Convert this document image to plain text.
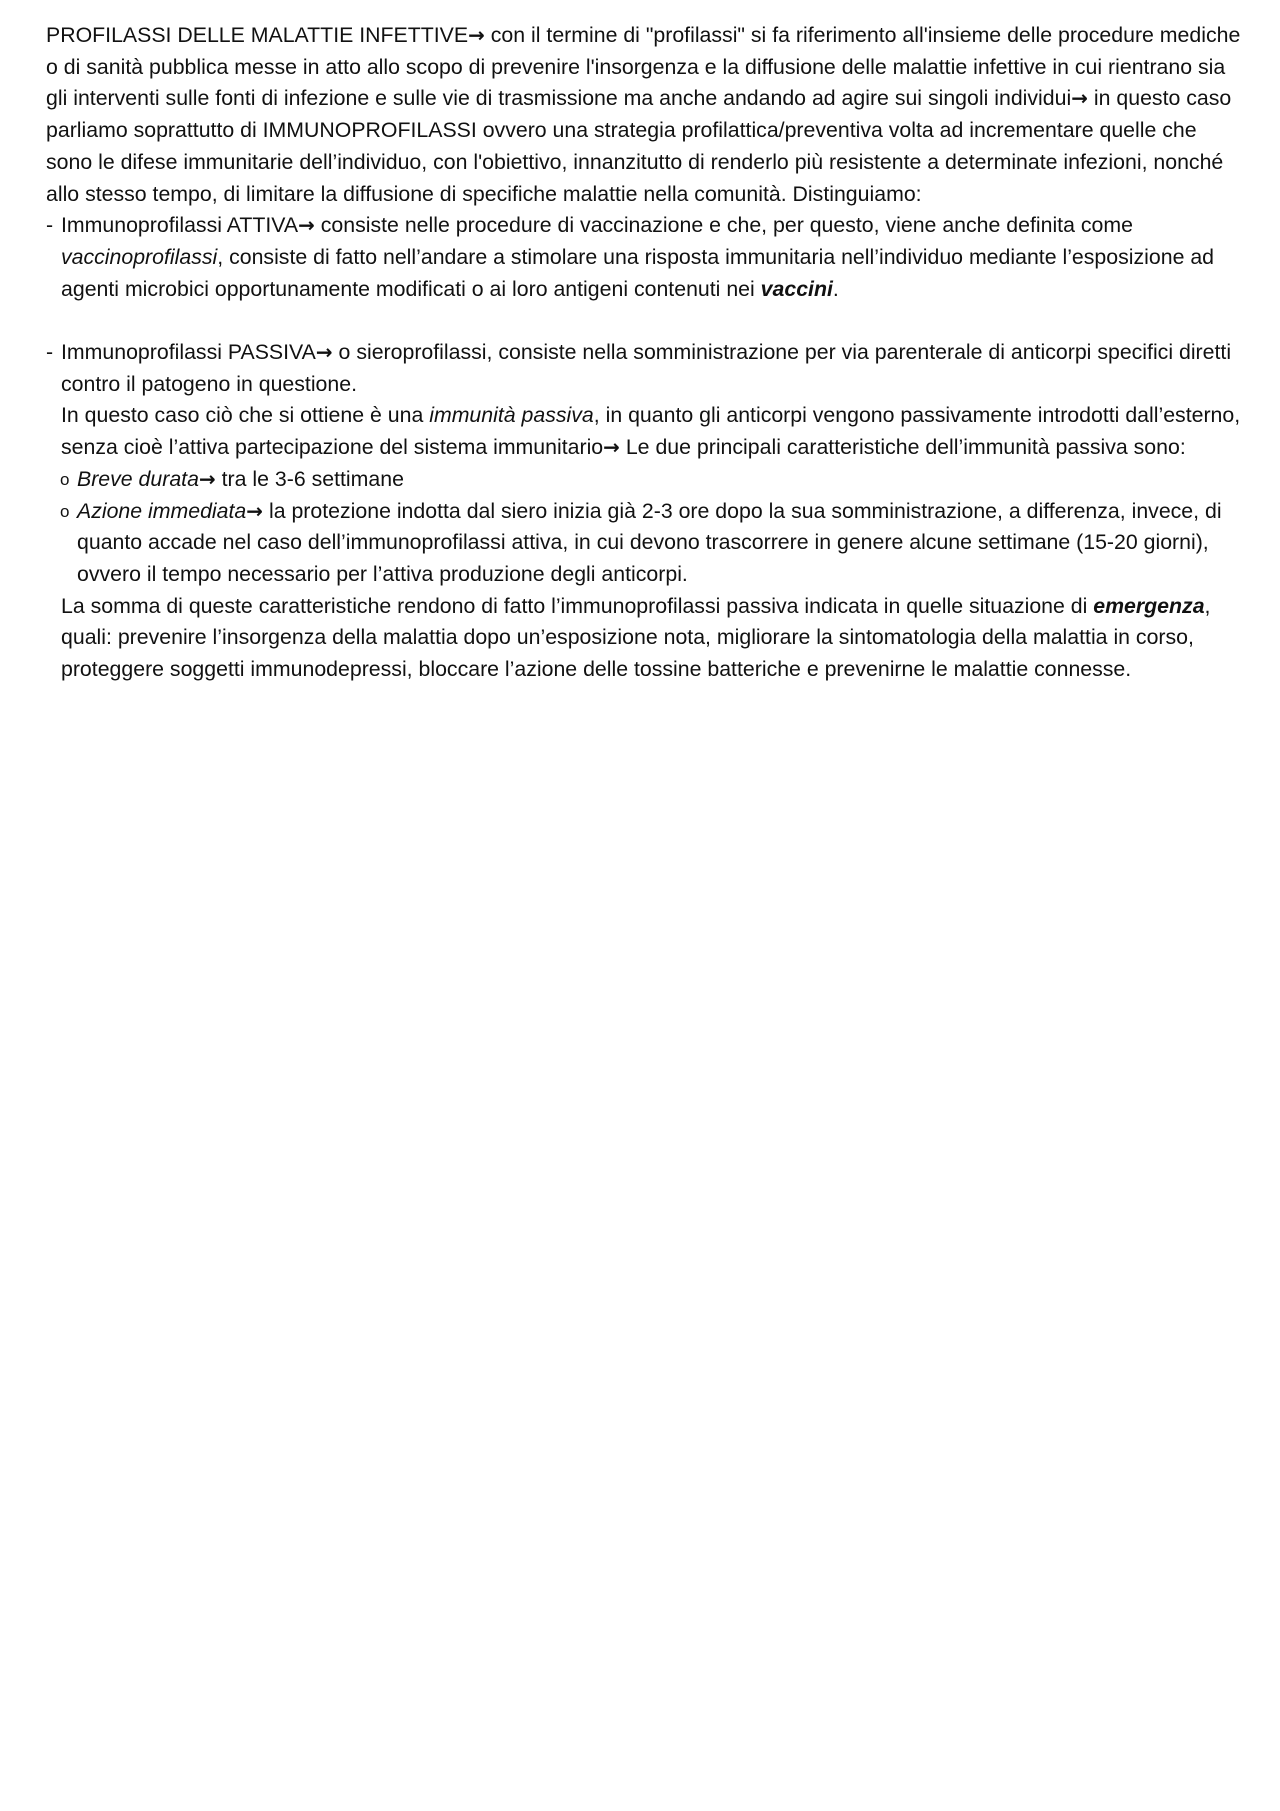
PROFILASSI DELLE MALATTIE INFETTIVE→ con il termine di "profilassi" si fa riferimento all'insieme delle procedure mediche o di sanità pubblica messe in atto allo scopo di prevenire l'insorgenza e la diffusione delle malattie infettive in cui rientrano sia gli interventi sulle fonti di infezione e sulle vie di trasmissione ma anche andando ad agire sui singoli individui→ in questo caso parliamo soprattutto di IMMUNOPROFILASSI ovvero una strategia profilattica/preventiva volta ad incrementare quelle che sono le difese immunitarie dell’individuo, con l'obiettivo, innanzitutto di renderlo più resistente a determinate infezioni, nonché allo stesso tempo, di limitare la diffusione di specifiche malattie nella comunità. Distinguiamo:

- Immunoprofilassi ATTIVA→ consiste nelle procedure di vaccinazione e che, per questo, viene anche definita come vaccinoprofilassi, consiste di fatto nell’andare a stimolare una risposta immunitaria nell’individuo mediante l’esposizione ad agenti microbici opportunamente modificati o ai loro antigeni contenuti nei vaccini.

- Immunoprofilassi PASSIVA→ o sieroprofilassi, consiste nella somministrazione per via parenterale di anticorpi specifici diretti contro il patogeno in questione.

In questo caso ciò che si ottiene è una immunità passiva, in quanto gli anticorpi vengono passivamente introdotti dall’esterno, senza cioè l’attiva partecipazione del sistema immunitario→ Le due principali caratteristiche dell’immunità passiva sono:

o Breve durata→ tra le 3-6 settimane

o Azione immediata→ la protezione indotta dal siero inizia già 2-3 ore dopo la sua somministrazione, a differenza, invece, di quanto accade nel caso dell’immunoprofilassi attiva, in cui devono trascorrere in genere alcune settimane (15-20 giorni), ovvero il tempo necessario per l’attiva produzione degli anticorpi.

La somma di queste caratteristiche rendono di fatto l’immunoprofilassi passiva indicata in quelle situazione di emergenza, quali: prevenire l’insorgenza della malattia dopo un’esposizione nota, migliorare la sintomatologia della malattia in corso, proteggere soggetti immunodepressi, bloccare l’azione delle tossine batteriche e prevenirne le malattie connesse.
